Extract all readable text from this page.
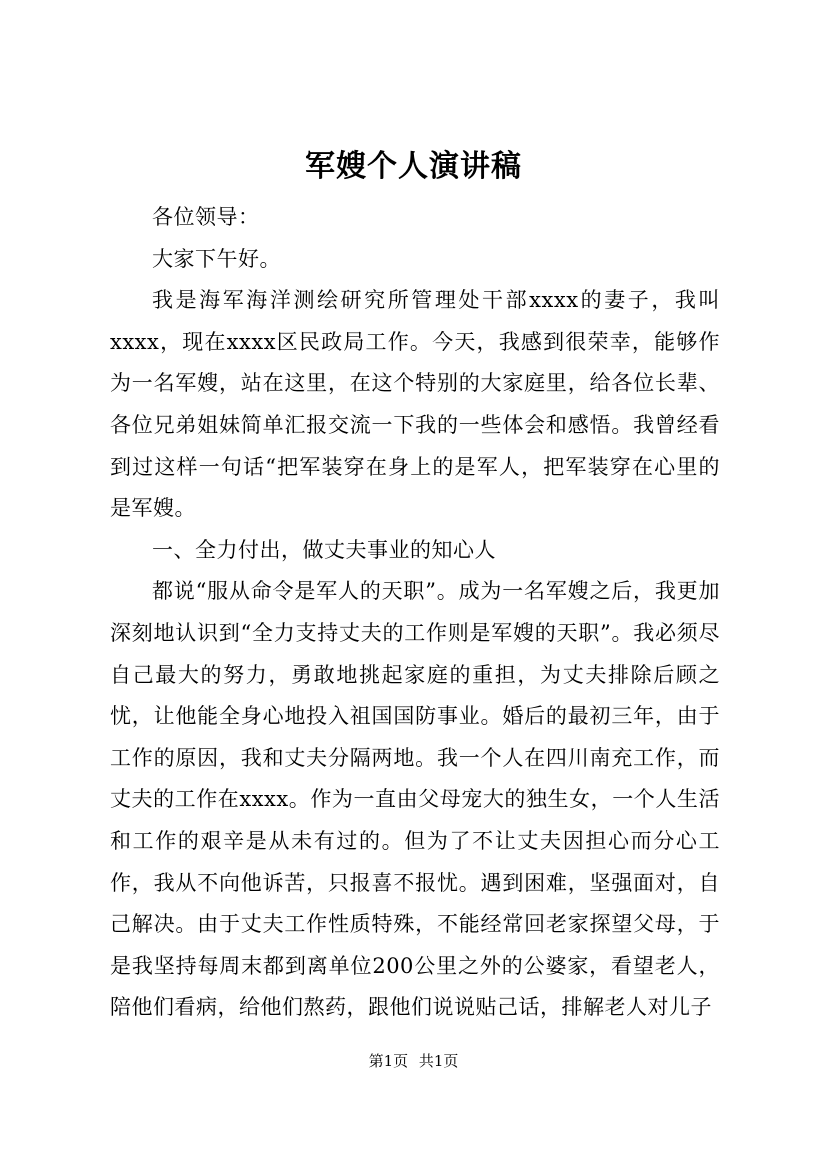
军嫂个人演讲稿

各位领导：

大家下午好。

我是海军海洋测绘研究所管理处干部xxxx的妻子，我叫xxxx，现在xxxx区民政局工作。今天，我感到很荣幸，能够作为一名军嫂，站在这里，在这个特别的大家庭里，给各位长辈、各位兄弟姐妹简单汇报交流一下我的一些体会和感悟。我曾经看到过这样一句话“把军装穿在身上的是军人，把军装穿在心里的是军嫂。

一、全力付出，做丈夫事业的知心人

都说“服从命令是军人的天职”。成为一名军嫂之后，我更加深刻地认识到“全力支持丈夫的工作则是军嫂的天职”。我必须尽自己最大的努力，勇敢地挑起家庭的重担，为丈夫排除后顾之忧，让他能全身心地投入祖国国防事业。婚后的最初三年，由于工作的原因，我和丈夫分隔两地。我一个人在四川南充工作，而丈夫的工作在xxxx。作为一直由父母宠大的独生女，一个人生活和工作的艰辛是从未有过的。但为了不让丈夫因担心而分心工作，我从不向他诉苦，只报喜不报忧。遇到困难，坚强面对，自己解决。由于丈夫工作性质特殊，不能经常回老家探望父母，于是我坚持每周末都到离单位200公里之外的公婆家，看望老人，陪他们看病，给他们熬药，跟他们说说贴己话，排解老人对儿子

第1页 共1页
